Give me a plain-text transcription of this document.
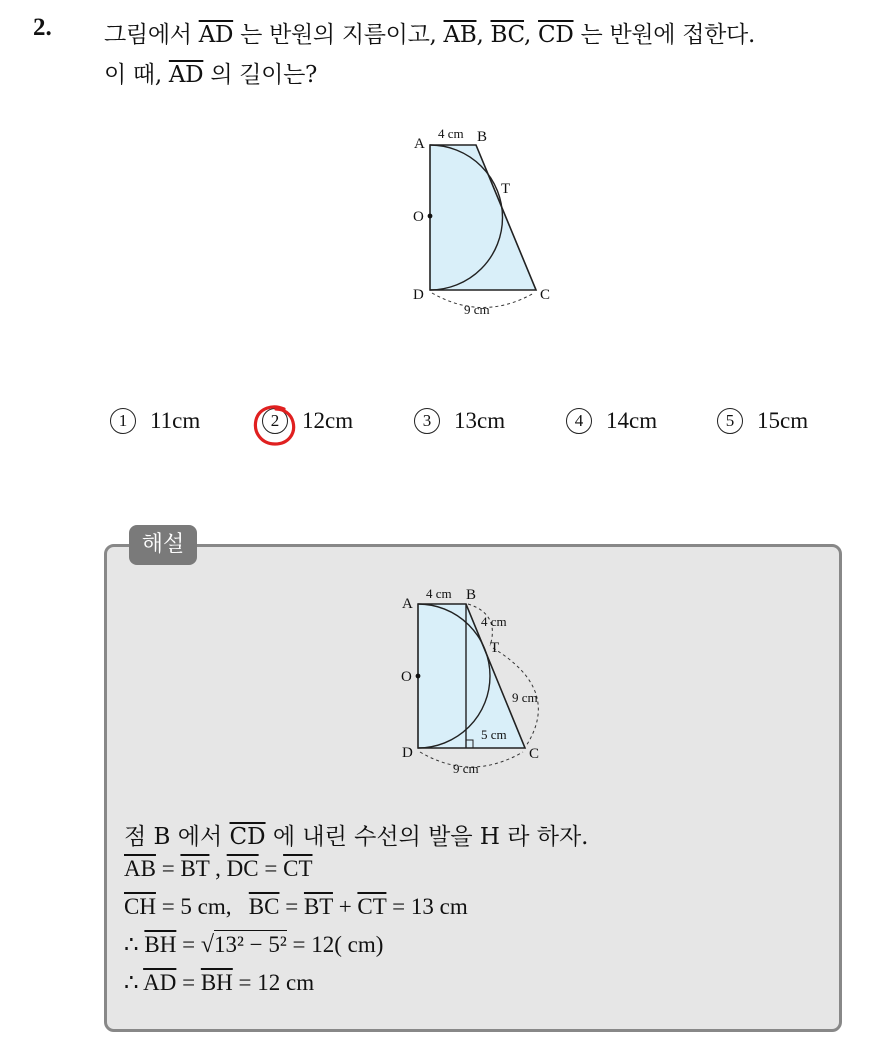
2. 그림에서 $\overline{AD}$ 는 반원의 지름이고, $\overline{AB}$, $\overline{BC}$, $\overline{CD}$ 는 반원에 접한다.
이 때, $\overline{AD}$ 의 길이는?
A
4 cm B
T
O
D	C
9 cm
1 11cm	2 12cm	3 13cm	4 14cm	5 15cm
해설
A
4 cm B
4 cm
T
O
9 cm
5 cm
D	C
9 cm
점 B 에서 $\overline{CD}$ 에 내린 수선의 발을 H 라 하자.
$\overline{AB} = \overline{BT}$ , $\overline{DC} = \overline{CT}$
$\overline{CH} = 5$ cm,   $\overline{BC} = \overline{BT} + \overline{CT} = 13$ cm
∴ $\overline{BH} = √13^2 - 5^2 = 12$( cm)
∴ $\overline{AD} = \overline{BH} = 12$ cm
